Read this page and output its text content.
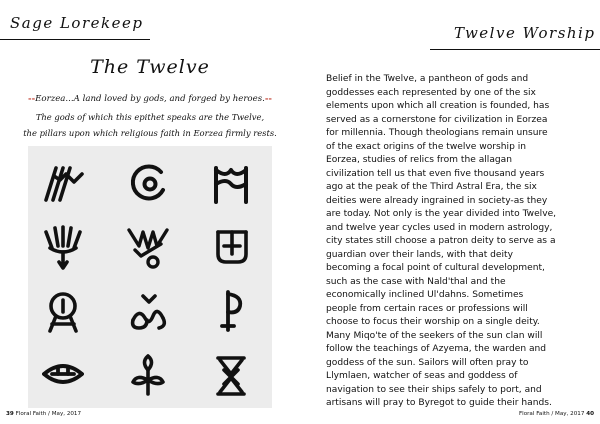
Sage Lorekeep
Twelve Worship
The Twelve
--Eorzea...A land loved by gods, and forged by heroes.--
The gods of which this epithet speaks are the Twelve,
the pillars upon which religious faith in Eorzea firmly rests.
Belief in the Twelve, a pantheon of gods and
goddesses each represented by one of the six
elements upon which all creation is founded, has
served as a cornerstone for civilization in Eorzea
for millennia. Though theologians remain unsure
of the exact origins of the twelve worship in
Eorzea, studies of relics from the allagan
civilization tell us that even five thousand years
ago at the peak of the Third Astral Era, the six
deities were already ingrained in society-as they
are today. Not only is the year divided into Twelve,
and twelve year cycles used in modern astrology,
city states still choose a patron deity to serve as a
guardian over their lands, with that deity
becoming a focal point of cultural development,
such as the case with Nald'thal and the
economically inclined Ul'dahns. Sometimes
people from certain races or professions will
choose to focus their worship on a single deity.
Many Miqo'te of the seekers of the sun clan will
follow the teachings of Azyema, the warden and
goddess of the sun. Sailors will often pray to
Llymlaen, watcher of seas and goddess of
navigation to see their ships safely to port, and
artisans will pray to Byregot to guide their hands.
39 Floral Faith / May, 2017	Floral Faith / May, 2017 40
